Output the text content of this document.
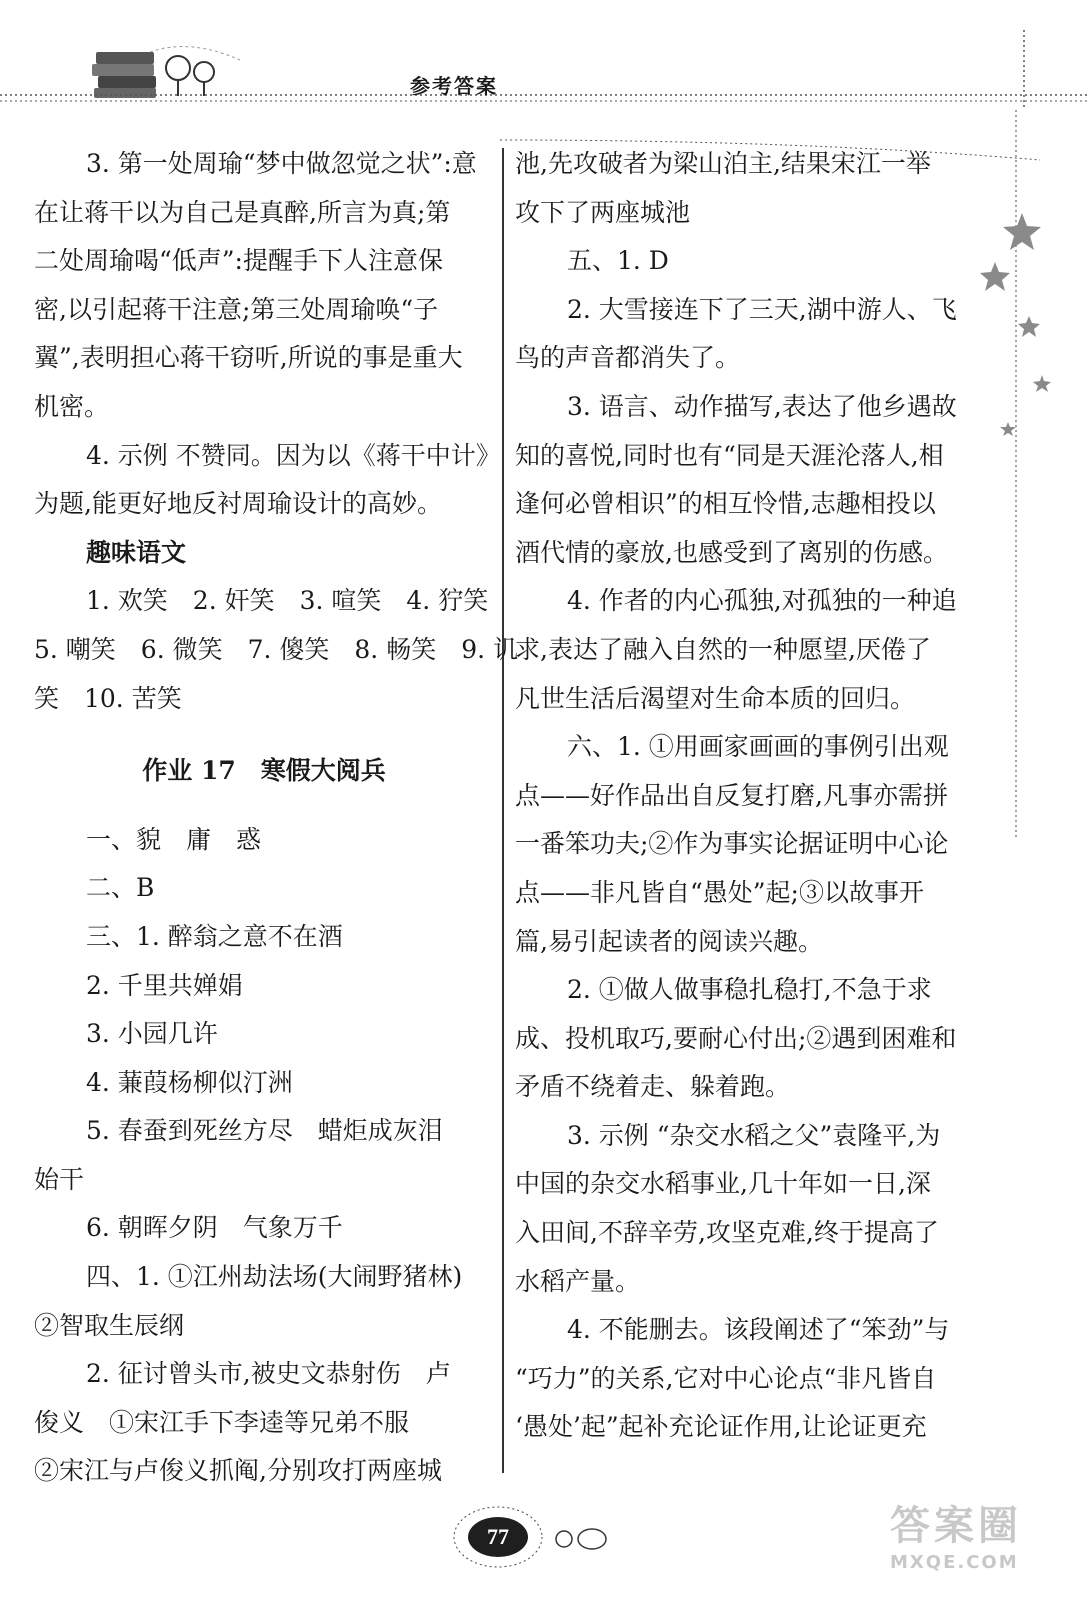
参考答案
3. 第一处周瑜“梦中做忽觉之状”:意
在让蒋干以为自己是真醉,所言为真;第
二处周瑜喝“低声”:提醒手下人注意保
密,以引起蒋干注意;第三处周瑜唤“子
翼”,表明担心蒋干窃听,所说的事是重大
机密。
4. 示例 不赞同。因为以《蒋干中计》
为题,能更好地反衬周瑜设计的高妙。
趣味语文
1. 欢笑　2. 奸笑　3. 喧笑　4. 狞笑
5. 嘲笑　6. 微笑　7. 傻笑　8. 畅笑　9. 讥
笑　10. 苦笑
作业 17　寒假大阅兵
一、貌　庸　惑
二、B
三、1. 醉翁之意不在酒
2. 千里共婵娟
3. 小园几许
4. 蒹葭杨柳似汀洲
5. 春蚕到死丝方尽　蜡炬成灰泪
始干
6. 朝晖夕阴　气象万千
四、1. ①江州劫法场(大闹野猪林)
②智取生辰纲
2. 征讨曾头市,被史文恭射伤　卢
俊义　①宋江手下李逵等兄弟不服
②宋江与卢俊义抓阄,分别攻打两座城
池,先攻破者为梁山泊主,结果宋江一举
攻下了两座城池
五、1. D
2. 大雪接连下了三天,湖中游人、飞
鸟的声音都消失了。
3. 语言、动作描写,表达了他乡遇故
知的喜悦,同时也有“同是天涯沦落人,相
逢何必曾相识”的相互怜惜,志趣相投以
酒代情的豪放,也感受到了离别的伤感。
4. 作者的内心孤独,对孤独的一种追
求,表达了融入自然的一种愿望,厌倦了
凡世生活后渴望对生命本质的回归。
六、1. ①用画家画画的事例引出观
点——好作品出自反复打磨,凡事亦需拼
一番笨功夫;②作为事实论据证明中心论
点——非凡皆自“愚处”起;③以故事开
篇,易引起读者的阅读兴趣。
2. ①做人做事稳扎稳打,不急于求
成、投机取巧,要耐心付出;②遇到困难和
矛盾不绕着走、躲着跑。
3. 示例 “杂交水稻之父”袁隆平,为
中国的杂交水稻事业,几十年如一日,深
入田间,不辞辛劳,攻坚克难,终于提高了
水稻产量。
4. 不能删去。该段阐述了“笨劲”与
“巧力”的关系,它对中心论点“非凡皆自
‘愚处’起”起补充论证作用,让论证更充
77	答案圈
MXQE.COM
